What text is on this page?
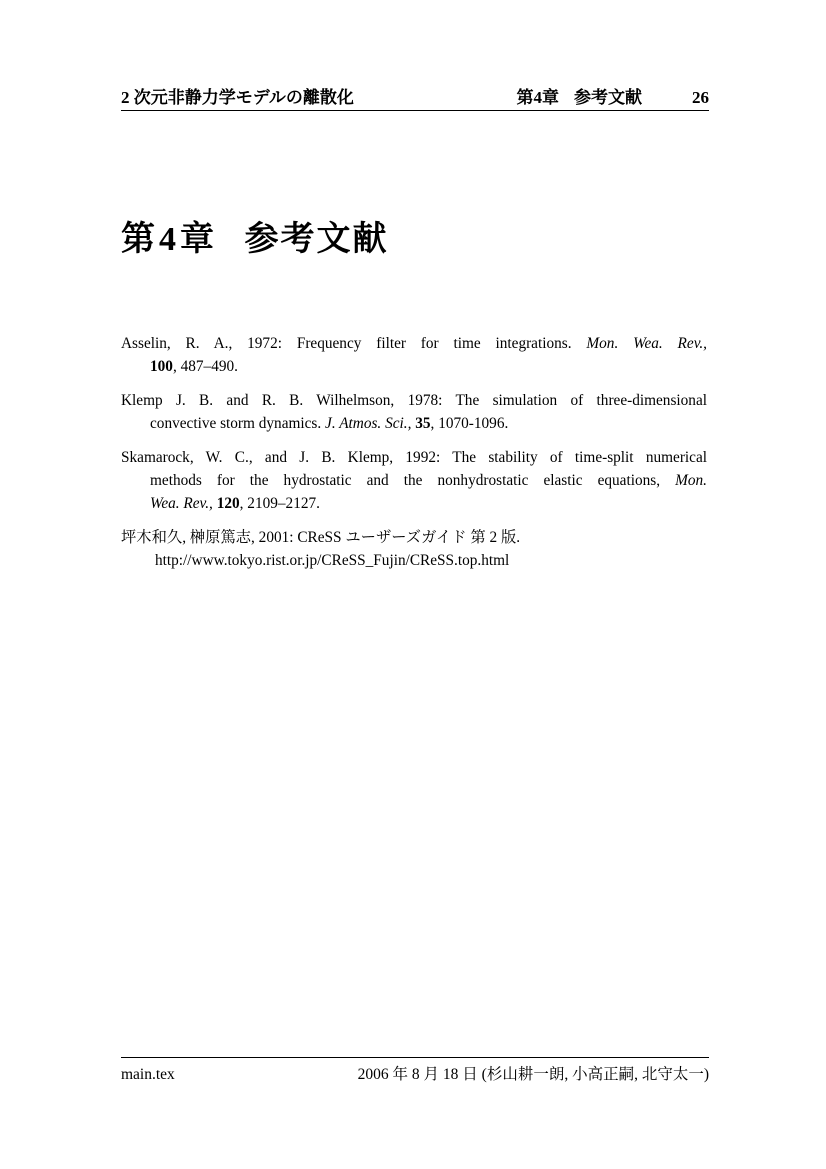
2 次元非静力学モデルの離散化	第4章 参考文献	26
第4章 参考文献

Asselin, R. A., 1972: Frequency filter for time integrations. Mon. Wea. Rev.,
100, 487–490.

Klemp J. B. and R. B. Wilhelmson, 1978: The simulation of three-dimensional
convective storm dynamics. J. Atmos. Sci., 35, 1070-1096.

Skamarock, W. C., and J. B. Klemp, 1992: The stability of time-split numerical
methods for the hydrostatic and the nonhydrostatic elastic equations, Mon.
Wea. Rev., 120, 2109–2127.

坪木和久, 榊原篤志, 2001: CReSS ユーザーズガイド 第 2 版.
http://www.tokyo.rist.or.jp/CReSS_Fujin/CReSS.top.html

main.tex	2006 年 8 月 18 日 (杉山耕一朗, 小高正嗣, 北守太一)
